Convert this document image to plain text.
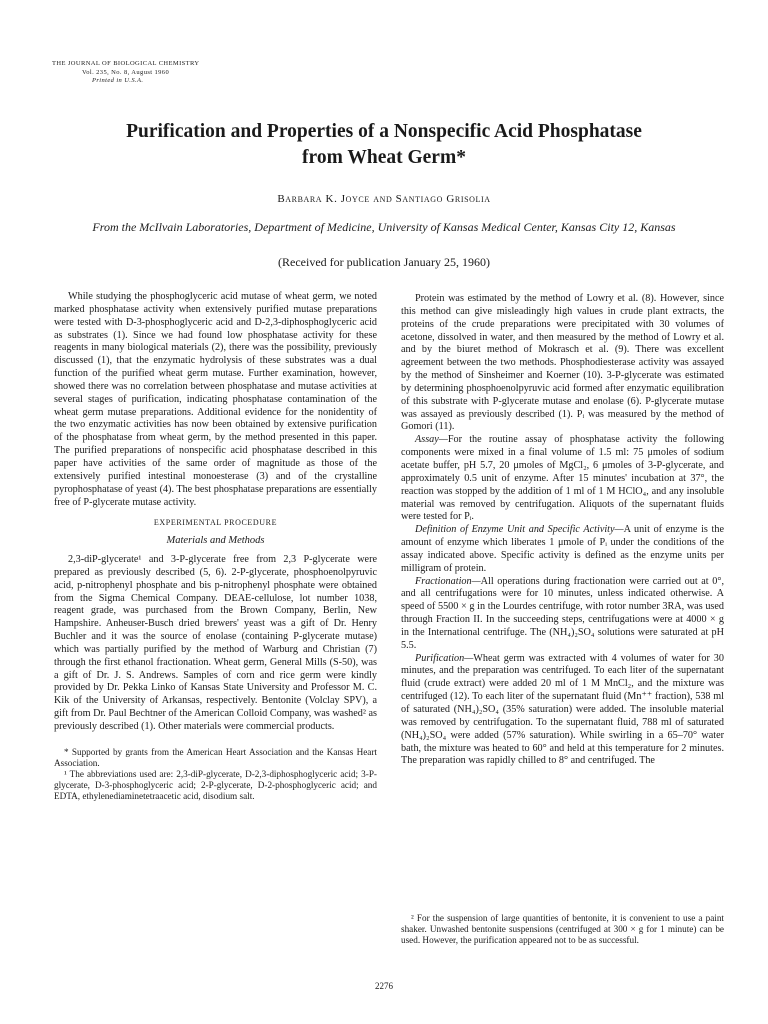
THE JOURNAL OF BIOLOGICAL CHEMISTRY
Vol. 235, No. 8, August 1960
Printed in U.S.A.
Purification and Properties of a Nonspecific Acid Phosphatase
from Wheat Germ*
Barbara K. Joyce and Santiago Grisolia
From the McIlvain Laboratories, Department of Medicine, University of Kansas Medical Center, Kansas City 12, Kansas
(Received for publication January 25, 1960)

While studying the phosphoglyceric acid mutase of wheat germ, we noted marked phosphatase activity when extensively purified mutase preparations were tested with D-3-phosphoglyceric acid and D-2,3-diphosphoglyceric acid as substrates (1). Since we had found low phosphatase activity for these reagents in many biological materials (2), there was the possibility, previously discussed (1), that the enzymatic hydrolysis of these substrates was a dual function of the purified wheat germ mutase. Further examination, however, showed there was no correlation between phosphatase and mutase activities at several stages of purification, indicating phosphatase contamination of the wheat germ mutase preparations. Additional evidence for the nonidentity of the two enzymatic activities has now been obtained by extensive purification of the phosphatase from wheat germ, by the method presented in this paper. The purified preparations of nonspecific acid phosphatase described in this paper have activities of the same order of magnitude as those of the extensively purified intestinal monoesterase (3) and of the crystalline pyrophosphatase of yeast (4). The best phosphatase preparations are essentially free of P-glycerate mutase activity.

EXPERIMENTAL PROCEDURE
Materials and Methods

2,3-diP-glycerate¹ and 3-P-glycerate free from 2,3 P-glycerate were prepared as previously described (5, 6). 2-P-glycerate, phosphoenolpyruvic acid, p-nitrophenyl phosphate and bis p-nitrophenyl phosphate were obtained from the Sigma Chemical Company. DEAE-cellulose, lot number 1038, reagent grade, was purchased from the Brown Company, Berlin, New Hampshire. Anheuser-Busch dried brewers' yeast was a gift of Dr. Henry Buchler and it was the source of enolase (containing P-glycerate mutase) which was partially purified by the method of Warburg and Christian (7) through the first ethanol fractionation. Wheat germ, General Mills (S-50), was a gift of Dr. J. S. Andrews. Samples of corn and rice germ were kindly provided by Dr. Pekka Linko of Kansas State University and Professor M. C. Kik of the University of Arkansas, respectively. Bentonite (Volclay SPV), a gift from Dr. Paul Bechtner of the American Colloid Company, was washed² as previously described (1). Other materials were commercial products.

* Supported by grants from the American Heart Association and the Kansas Heart Association.

¹ The abbreviations used are: 2,3-diP-glycerate, D-2,3-diphosphoglyceric acid; 3-P-glycerate, D-3-phosphoglyceric acid; 2-P-glycerate, D-2-phosphoglyceric acid; and EDTA, ethylenediaminetetraacetic acid, disodium salt.

Protein was estimated by the method of Lowry et al. (8). However, since this method can give misleadingly high values in crude plant extracts, the proteins of the crude preparations were precipitated with 30 volumes of acetone, dissolved in water, and then measured by the method of Lowry et al. and by the biuret method of Mokrasch et al. (9). There was excellent agreement between the two methods. Phosphodiesterase activity was assayed by the method of Sinsheimer and Koerner (10). 3-P-glycerate was estimated by determining phosphoenolpyruvic acid formed after enzymatic equilibration of this substrate with P-glycerate mutase and enolase (6). P-glycerate mutase was assayed as previously described (1). Pᵢ was measured by the method of Gomori (11).

Assay—For the routine assay of phosphatase activity the following components were mixed in a final volume of 1.5 ml: 75 μmoles of sodium acetate buffer, pH 5.7, 20 μmoles of MgCl₂, 6 μmoles of 3-P-glycerate, and approximately 0.5 unit of enzyme. After 15 minutes' incubation at 37°, the reaction was stopped by the addition of 1 ml of 1 M HClO₄, and any insoluble material was removed by centrifugation. Aliquots of the supernatant fluids were tested for Pᵢ.

Definition of Enzyme Unit and Specific Activity—A unit of enzyme is the amount of enzyme which liberates 1 μmole of Pᵢ under the conditions of the assay indicated above. Specific activity is defined as the enzyme units per milligram of protein.

Fractionation—All operations during fractionation were carried out at 0°, and all centrifugations were for 10 minutes, unless indicated otherwise. A speed of 5500 × g in the Lourdes centrifuge, with rotor number 3RA, was used through Fraction II. In the succeeding steps, centrifugations were at 4000 × g in the International centrifuge. The (NH₄)₂SO₄ solutions were saturated at pH 5.5.

Purification—Wheat germ was extracted with 4 volumes of water for 30 minutes, and the preparation was centrifuged. To each liter of the supernatant fluid (crude extract) were added 20 ml of 1 M MnCl₂, and the mixture was centrifuged (12). To each liter of the supernatant fluid (Mn⁺⁺ fraction), 538 ml of saturated (NH₄)₂SO₄ (35% saturation) were added. The insoluble material was removed by centrifugation. To the supernatant fluid, 788 ml of saturated (NH₄)₂SO₄ were added (57% saturation). While swirling in a 65–70° water bath, the mixture was heated to 60° and held at this temperature for 2 minutes. The preparation was rapidly chilled to 8° and centrifuged. The

² For the suspension of large quantities of bentonite, it is convenient to use a paint shaker. Unwashed bentonite suspensions (centrifuged at 300 × g for 1 minute) can be used. However, the purification appeared not to be as successful.

2276
